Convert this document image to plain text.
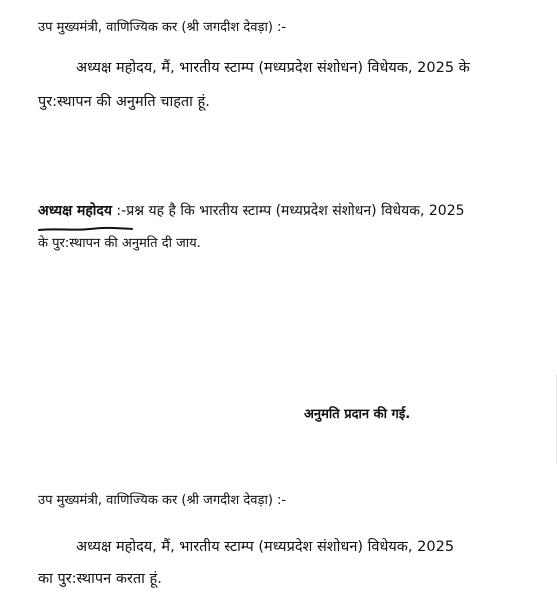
उप मुख्यमंत्री, वाणिज्यिक कर (श्री जगदीश देवड़ा) :-
अध्यक्ष महोदय, मैं, भारतीय स्टाम्प (मध्यप्रदेश संशोधन) विधेयक, 2025 के
पुर:स्थापन की अनुमति चाहता हूं.
अध्यक्ष महोदय :-प्रश्न यह है कि भारतीय स्टाम्प (मध्यप्रदेश संशोधन) विधेयक, 2025
के पुर:स्थापन की अनुमति दी जाय.
अनुमति प्रदान की गई.
उप मुख्यमंत्री, वाणिज्यिक कर (श्री जगदीश देवड़ा) :-
अध्यक्ष महोदय, मैं, भारतीय स्टाम्प (मध्यप्रदेश संशोधन) विधेयक, 2025
का पुर:स्थापन करता हूं.
